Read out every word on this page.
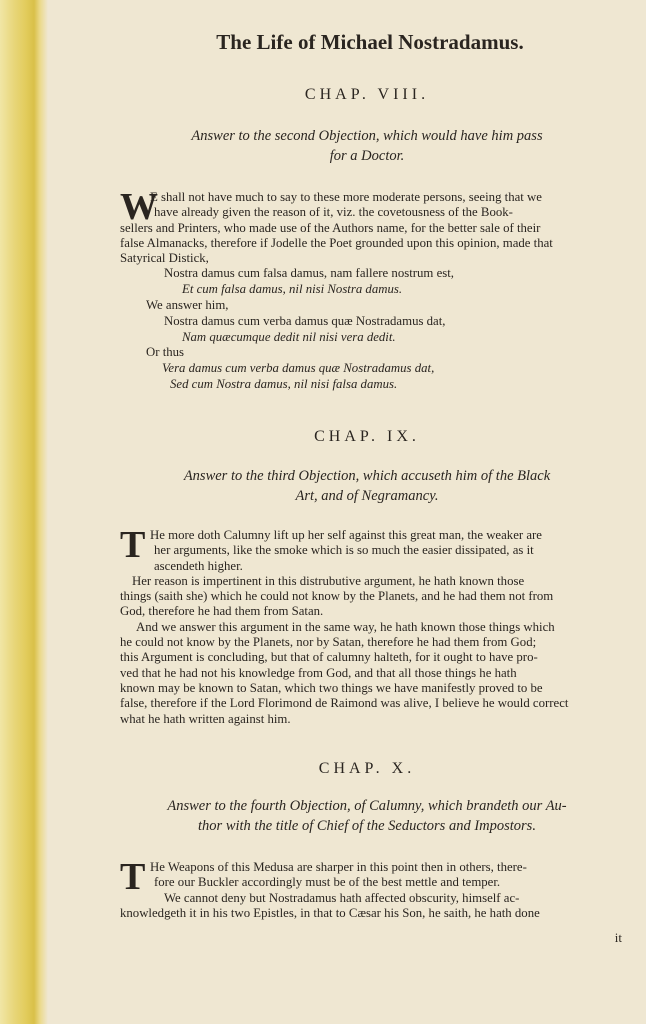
The Life of Michael Nostradamus.
CHAP. VIII.
Answer to the second Objection, which would have him pass
for a Doctor.
W
E shall not have much to say to these more moderate persons, seeing that we
have already given the reason of it, viz. the covetousness of the Book-
sellers and Printers, who made use of the Authors name, for the better sale of their
false Almanacks, therefore if Jodelle the Poet grounded upon this opinion, made that
Satyrical Distick,
Nostra damus cum falsa damus, nam fallere nostrum est,
Et cum falsa damus, nil nisi Nostra damus.
We answer him,
Nostra damus cum verba damus quæ Nostradamus dat,
Nam quæcumque dedit nil nisi vera dedit.
Or thus
Vera damus cum verba damus quæ Nostradamus dat,
Sed cum Nostra damus, nil nisi falsa damus.
CHAP. IX.
Answer to the third Objection, which accuseth him of the Black
Art, and of Negramancy.
T He more doth Calumny lift up her self against this great man, the weaker are
her arguments, like the smoke which is so much the easier dissipated, as it
ascendeth higher.
Her reason is impertinent in this distrubutive argument, he hath known those
things (saith she) which he could not know by the Planets, and he had them not from
God, therefore he had them from Satan.
And we answer this argument in the same way, he hath known those things which
he could not know by the Planets, nor by Satan, therefore he had them from God;
this Argument is concluding, but that of calumny halteth, for it ought to have pro-
ved that he had not his knowledge from God, and that all those things he hath
known may be known to Satan, which two things we have manifestly proved to be
false, therefore if the Lord Florimond de Raimond was alive, I believe he would correct
what he hath written against him.
CHAP. X.
Answer to the fourth Objection, of Calumny, which brandeth our Au-
thor with the title of Chief of the Seductors and Impostors.
T He Weapons of this Medusa are sharper in this point then in others, there-
fore our Buckler accordingly must be of the best mettle and temper.
We cannot deny but Nostradamus hath affected obscurity, himself ac-
knowledgeth it in his two Epistles, in that to Cæsar his Son, he saith, he hath done
it
